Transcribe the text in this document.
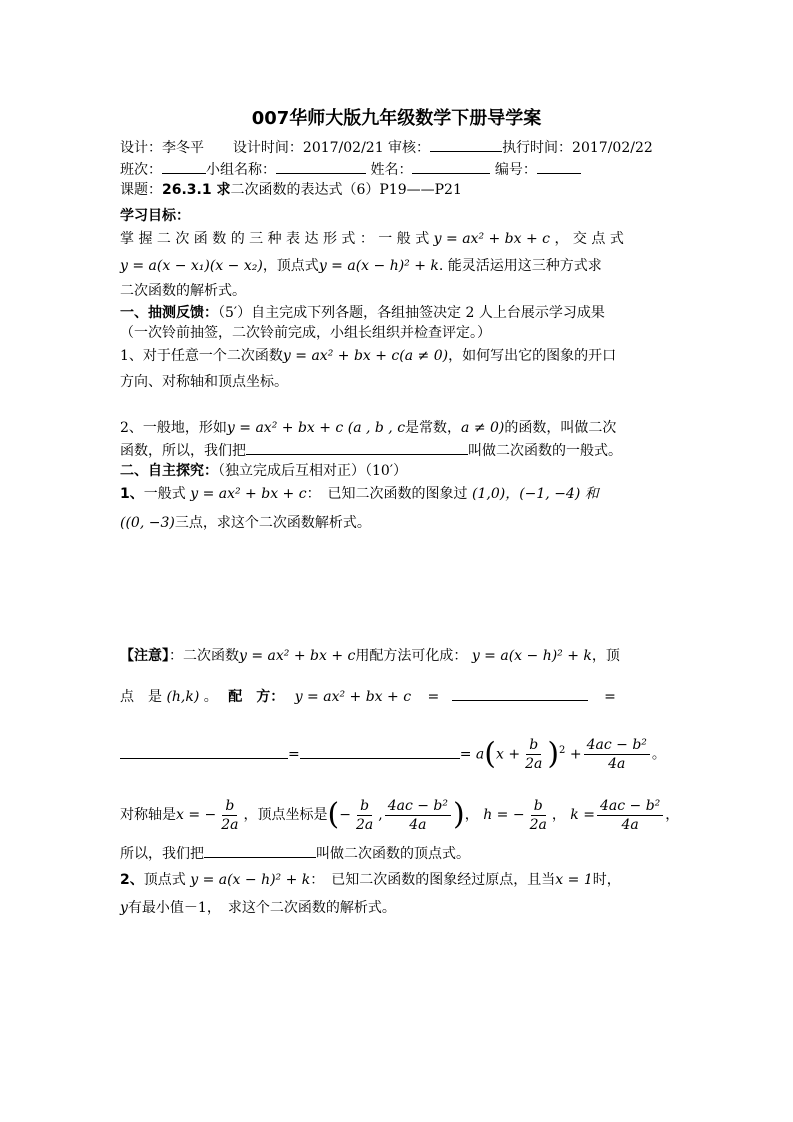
007华师大版九年级数学下册导学案
设计：李冬平 设计时间：2017/02/21 审核：	执行时间：2017/02/22
班次：	小组名称：	姓名：	编号：
课题：26.3.1 求二次函数的表达式（6）P19——P21
学习目标：
掌 握 二 次 函 数 的 三 种 表 达 形 式 ： 一 般 式 y = ax² + bx + c ， 交 点 式
y = a(x − x₁)(x − x₂)，顶点式y = a(x − h)² + k. 能灵活运用这三种方式求
二次函数的解析式。
一、抽测反馈：（5′）自主完成下列各题，各组抽签决定 2 人上台展示学习成果
（一次铃前抽签，二次铃前完成，小组长组织并检查评定。）
1、对于任意一个二次函数y = ax² + bx + c(a ≠ 0)，如何写出它的图象的开口
方向、对称轴和顶点坐标。
2、一般地，形如y = ax² + bx + c (a , b , c是常数，a ≠ 0)的函数，叫做二次
函数，所以，我们把	叫做二次函数的一般式。
二、自主探究：（独立完成后互相对正）（10′）
1、一般式 y = ax² + bx + c：　已知二次函数的图象过 (1,0)，(−1, −4) 和
((0, −3)三点，求这个二次函数解析式。
【注意】：二次函数y = ax² + bx + c用配方法可化成： y = a(x − h)² + k，顶
点　是 (h,k) 。 配　方： y = ax² + bx + c =	=
=	= $a(x + \frac{b}{2a} )^2 + \frac{\text{4ac − b²}}{4a}$ 。
对称轴是x = − $\frac{b}{2a}$ ，顶点坐标是(− $\frac{b}{2a}$ , $\frac{\text{4ac − b²}}{4a}$ )， h = − $\frac{b}{2a}$ ， $k = \frac{\text{4ac − b²}}{4a}$ ，
所以，我们把	叫做二次函数的顶点式。
2、顶点式 y = a(x − h)² + k：　已知二次函数的图象经过原点，且当x = 1时，
y有最小值－1，　求这个二次函数的解析式。
